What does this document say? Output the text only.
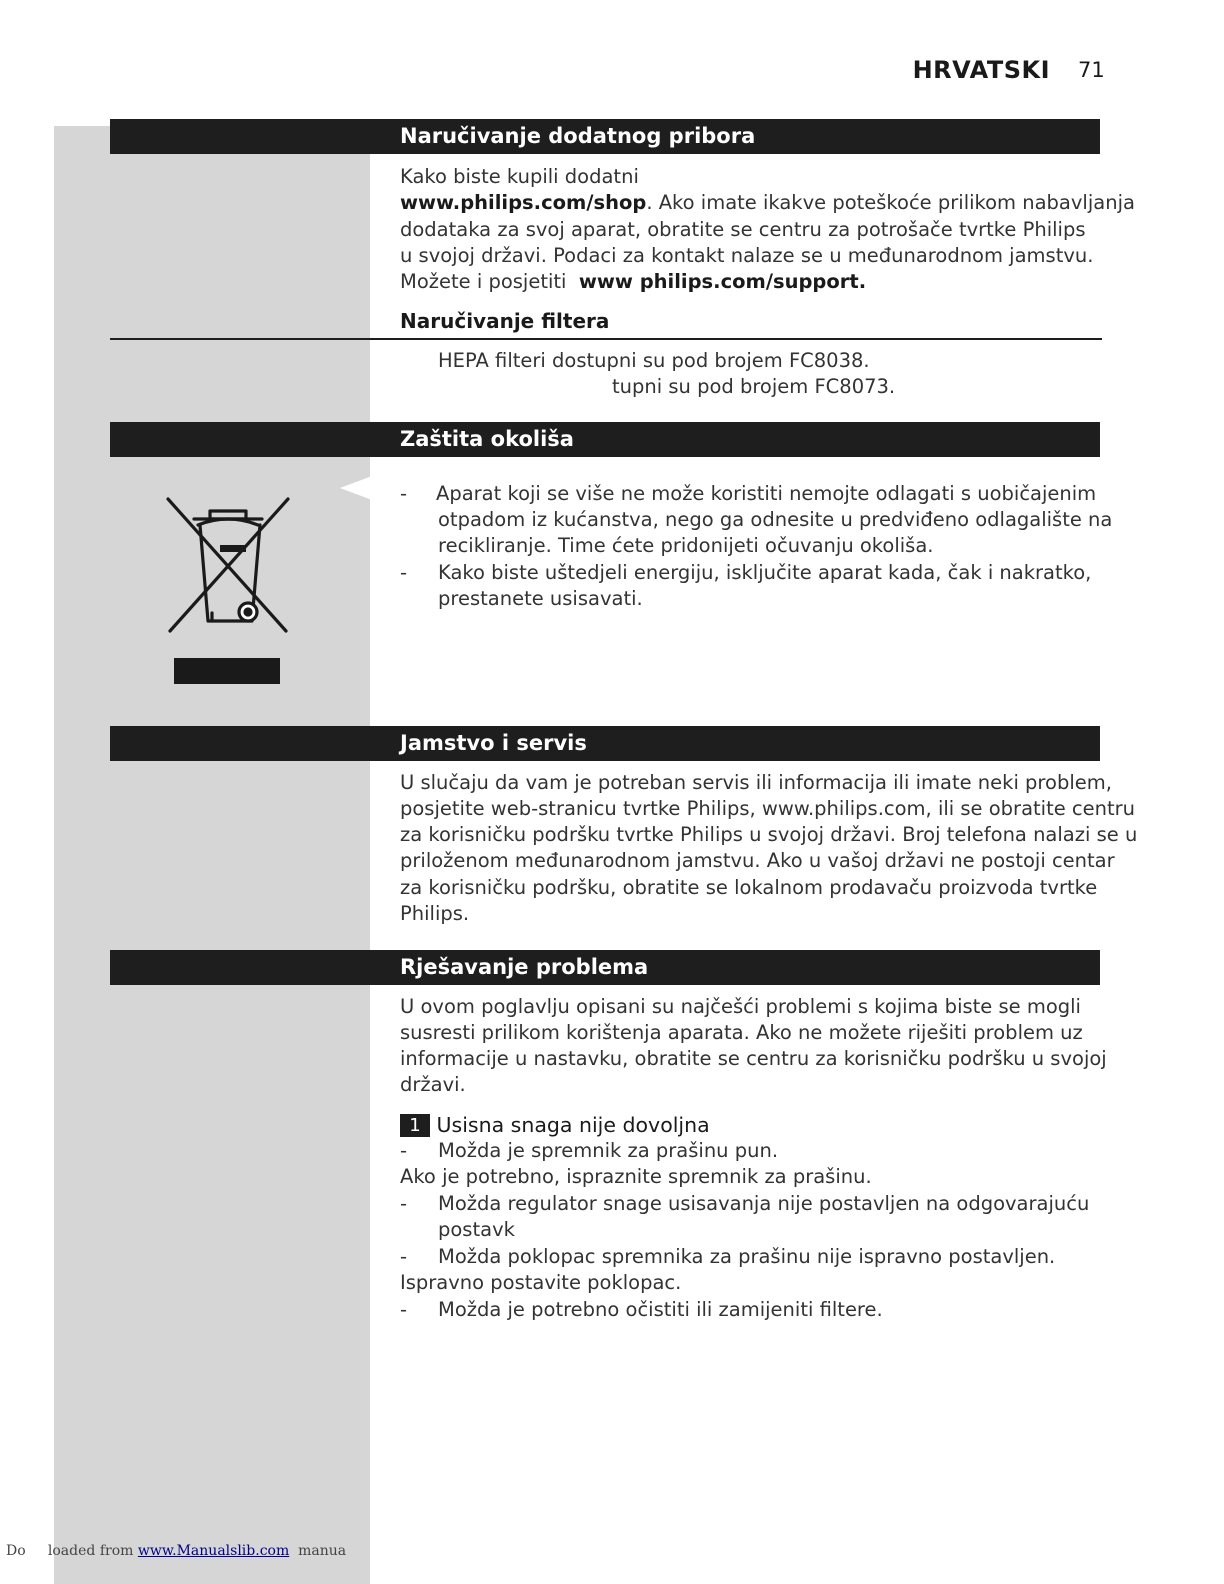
HRVATSKI 71
Naručivanje dodatnog pribora
Kako biste kupili dodatni
www.philips.com/shop. Ako imate ikakve poteškoće prilikom nabavljanja
dodataka za svoj aparat, obratite se centru za potrošače tvrtke Philips
u svojoj državi. Podaci za kontakt nalaze se u međunarodnom jamstvu.
Možete i posjetiti www philips.com/support.
Naručivanje filtera
HEPA filteri dostupni su pod brojem FC8038.
tupni su pod brojem FC8073.
Zaštita okoliša
- Aparat koji se više ne može koristiti nemojte odlagati s uobičajenim
otpadom iz kućanstva, nego ga odnesite u predviđeno odlagalište na
recikliranje. Time ćete pridonijeti očuvanju okoliša.
- Kako biste uštedjeli energiju, isključite aparat kada, čak i nakratko,
prestanete usisavati.
Jamstvo i servis
U slučaju da vam je potreban servis ili informacija ili imate neki problem,
posjetite web-stranicu tvrtke Philips, www.philips.com, ili se obratite centru
za korisničku podršku tvrtke Philips u svojoj državi. Broj telefona nalazi se u
priloženom međunarodnom jamstvu. Ako u vašoj državi ne postoji centar
za korisničku podršku, obratite se lokalnom prodavaču proizvoda tvrtke
Philips.
Rješavanje problema
U ovom poglavlju opisani su najčešći problemi s kojima biste se mogli
susresti prilikom korištenja aparata. Ako ne možete riješiti problem uz
informacije u nastavku, obratite se centru za korisničku podršku u svojoj
državi.
1 Usisna snaga nije dovoljna
- Možda je spremnik za prašinu pun.
Ako je potrebno, ispraznite spremnik za prašinu.
- Možda regulator snage usisavanja nije postavljen na odgovarajuću
postavk
- Možda poklopac spremnika za prašinu nije ispravno postavljen.
Ispravno postavite poklopac.
- Možda je potrebno očistiti ili zamijeniti filtere.
Do     loaded from www.Manualslib.com  manua
